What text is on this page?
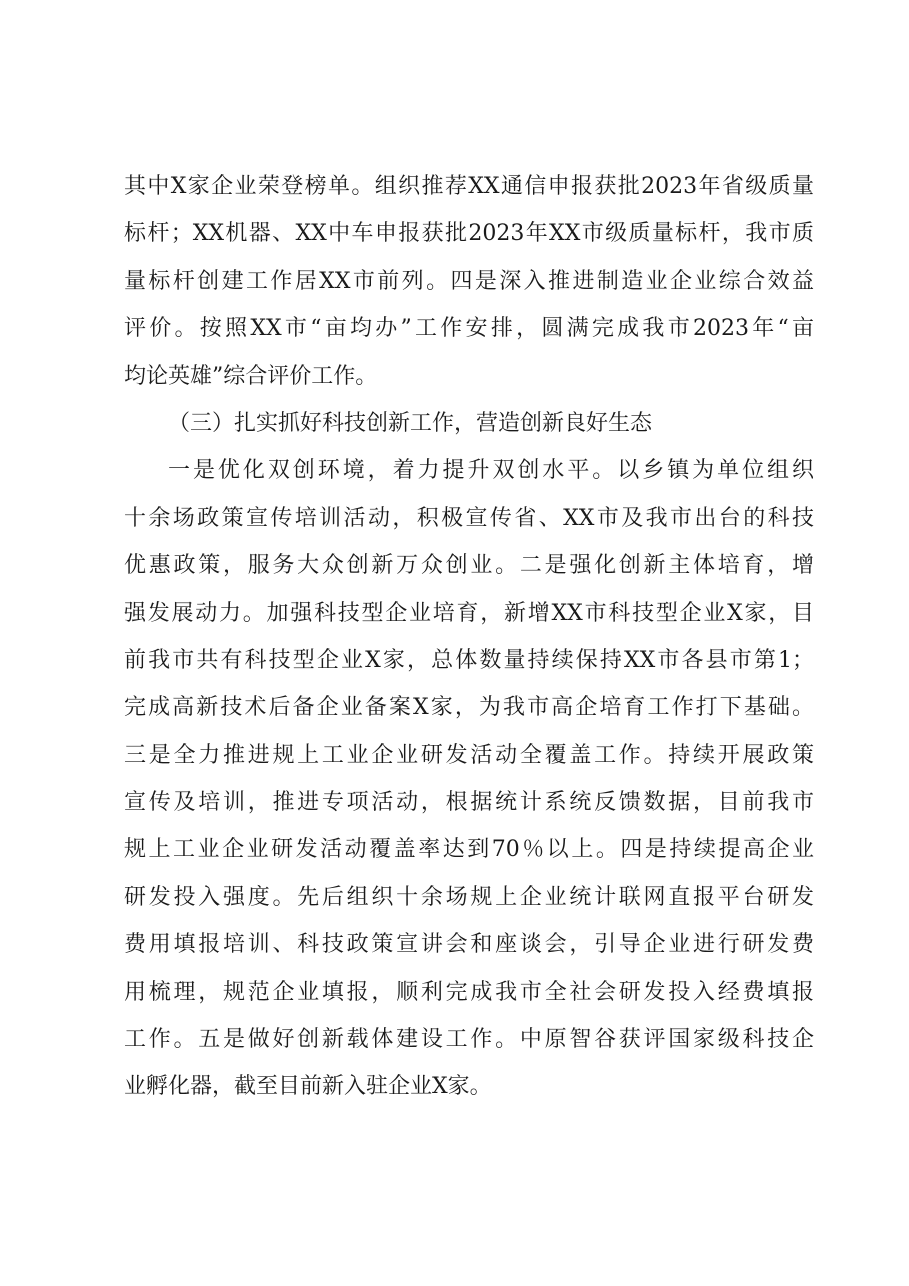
其中X家企业荣登榜单。组织推荐XX通信申报获批2023年省级质量
标杆；XX机器、XX中车申报获批2023年XX市级质量标杆，我市质
量标杆创建工作居XX市前列。四是深入推进制造业企业综合效益
评价。按照XX市“亩均办”工作安排，圆满完成我市2023年“亩
均论英雄”综合评价工作。
（三）扎实抓好科技创新工作，营造创新良好生态
一是优化双创环境，着力提升双创水平。以乡镇为单位组织
十余场政策宣传培训活动，积极宣传省、XX市及我市出台的科技
优惠政策，服务大众创新万众创业。二是强化创新主体培育，增
强发展动力。加强科技型企业培育，新增XX市科技型企业X家，目
前我市共有科技型企业X家，总体数量持续保持XX市各县市第1；
完成高新技术后备企业备案X家，为我市高企培育工作打下基础。
三是全力推进规上工业企业研发活动全覆盖工作。持续开展政策
宣传及培训，推进专项活动，根据统计系统反馈数据，目前我市
规上工业企业研发活动覆盖率达到70％以上。四是持续提高企业
研发投入强度。先后组织十余场规上企业统计联网直报平台研发
费用填报培训、科技政策宣讲会和座谈会，引导企业进行研发费
用梳理，规范企业填报，顺利完成我市全社会研发投入经费填报
工作。五是做好创新载体建设工作。中原智谷获评国家级科技企
业孵化器，截至目前新入驻企业X家。
